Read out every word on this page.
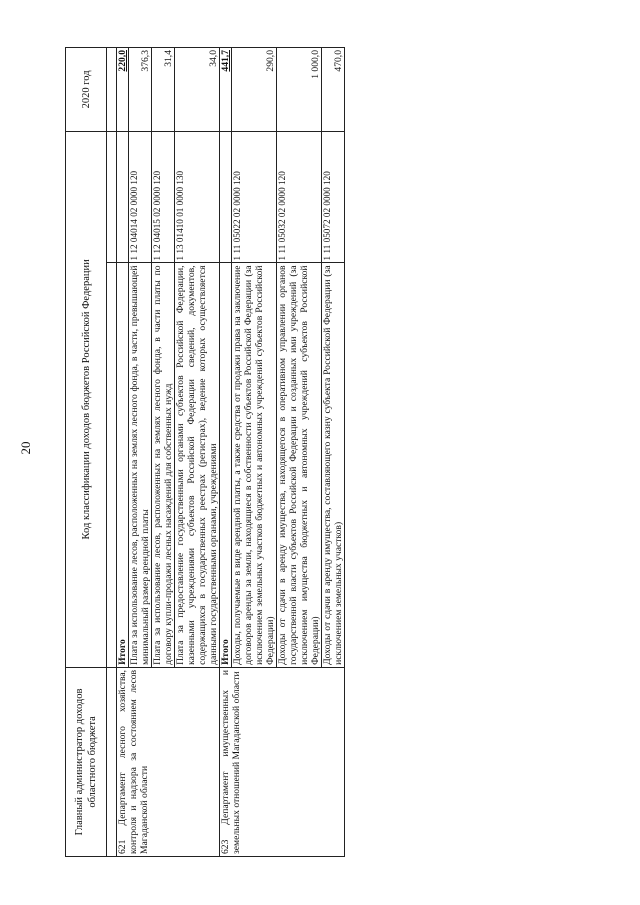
20
Главный администратор доходов областного бюджета	Код классификации доходов бюджетов Российской Федерации		2020 год

621 Департамент лесного хозяйства, контроля и надзора за состоянием лесов Магаданской области	Итого		220,0
	Плата за использование лесов, расположенных на землях лесного фонда, в части, превышающей минимальный размер арендной платы	1 12 04014 02 0000 120	376,3
	Плата за использование лесов, расположенных на землях лесного фонда, в части платы по договору купли-продажи лесных насаждений для собственных нужд	1 12 04015 02 0000 120	31,4
	Плата за предоставление государственными органами субъектов Российской Федерации, казенными учреждениями субъектов Российской Федерации сведений, документов, содержащихся в государственных реестрах (регистрах), ведение которых осуществляется данными государственными органами, учреждениями	1 13 01410 01 0000 130	34,0
623 Департамент имущественных и земельных отношений Магаданской области	Итого		441,7
	Доходы, получаемые в виде арендной платы, а также средства от продажи права на заключение договоров аренды за земли, находящиеся в собственности субъектов Российской Федерации (за исключением земельных участков бюджетных и автономных учреждений субъектов Российской Федерации)	1 11 05022 02 0000 120	290,0
	Доходы от сдачи в аренду имущества, находящегося в оперативном управлении органов государственной власти субъектов Российской Федерации и созданных ими учреждений (за исключением имущества бюджетных и автономных учреждений субъектов Российской Федерации)	1 11 05032 02 0000 120	1 000,0
	Доходы от сдачи в аренду имущества, составляющего казну субъекта Российской Федерации (за исключением земельных участков)	1 11 05072 02 0000 120	470,0
